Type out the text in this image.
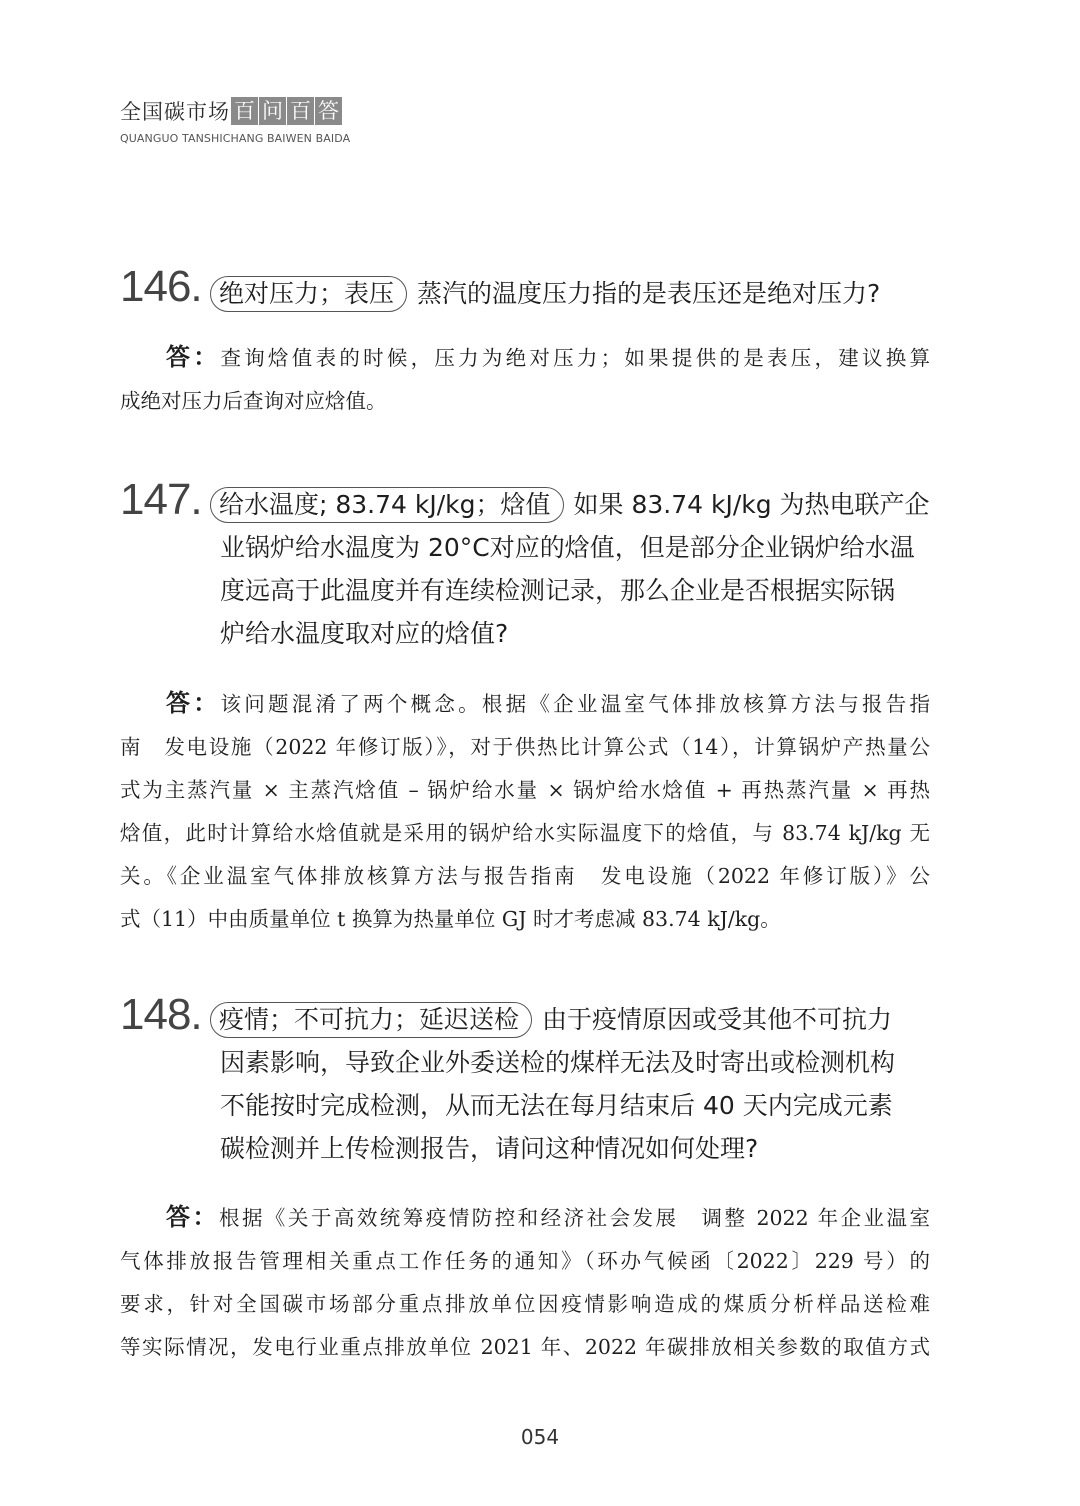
全国碳市场 百 问 百 答
QUANGUO TANSHICHANG BAIWEN BAIDA
146. 绝对压力；表压 蒸汽的温度压力指的是表压还是绝对压力?
答：查询焓值表的时候，压力为绝对压力；如果提供的是表压，建议换算
成绝对压力后查询对应焓值。
147. 给水温度; 83.74 kJ/kg；焓值 如果 83.74 kJ/kg 为热电联产企
业锅炉给水温度为 20°C对应的焓值，但是部分企业锅炉给水温
度远高于此温度并有连续检测记录，那么企业是否根据实际锅
炉给水温度取对应的焓值?
答：该问题混淆了两个概念。根据《企业温室气体排放核算方法与报告指
南　发电设施（2022 年修订版）》，对于供热比计算公式（14），计算锅炉产热量公
式为主蒸汽量 × 主蒸汽焓值 – 锅炉给水量 × 锅炉给水焓值 + 再热蒸汽量 × 再热
焓值，此时计算给水焓值就是采用的锅炉给水实际温度下的焓值，与 83.74 kJ/kg 无
关。《企业温室气体排放核算方法与报告指南　发电设施（2022 年修订版）》公
式（11）中由质量单位 t 换算为热量单位 GJ 时才考虑减 83.74 kJ/kg。
148. 疫情；不可抗力；延迟送检 由于疫情原因或受其他不可抗力
因素影响，导致企业外委送检的煤样无法及时寄出或检测机构
不能按时完成检测，从而无法在每月结束后 40 天内完成元素
碳检测并上传检测报告，请问这种情况如何处理?
答：根据《关于高效统筹疫情防控和经济社会发展　调整 2022 年企业温室
气体排放报告管理相关重点工作任务的通知》（环办气候函〔2022〕229 号）的
要求，针对全国碳市场部分重点排放单位因疫情影响造成的煤质分析样品送检难
等实际情况，发电行业重点排放单位 2021 年、2022 年碳排放相关参数的取值方式
054
